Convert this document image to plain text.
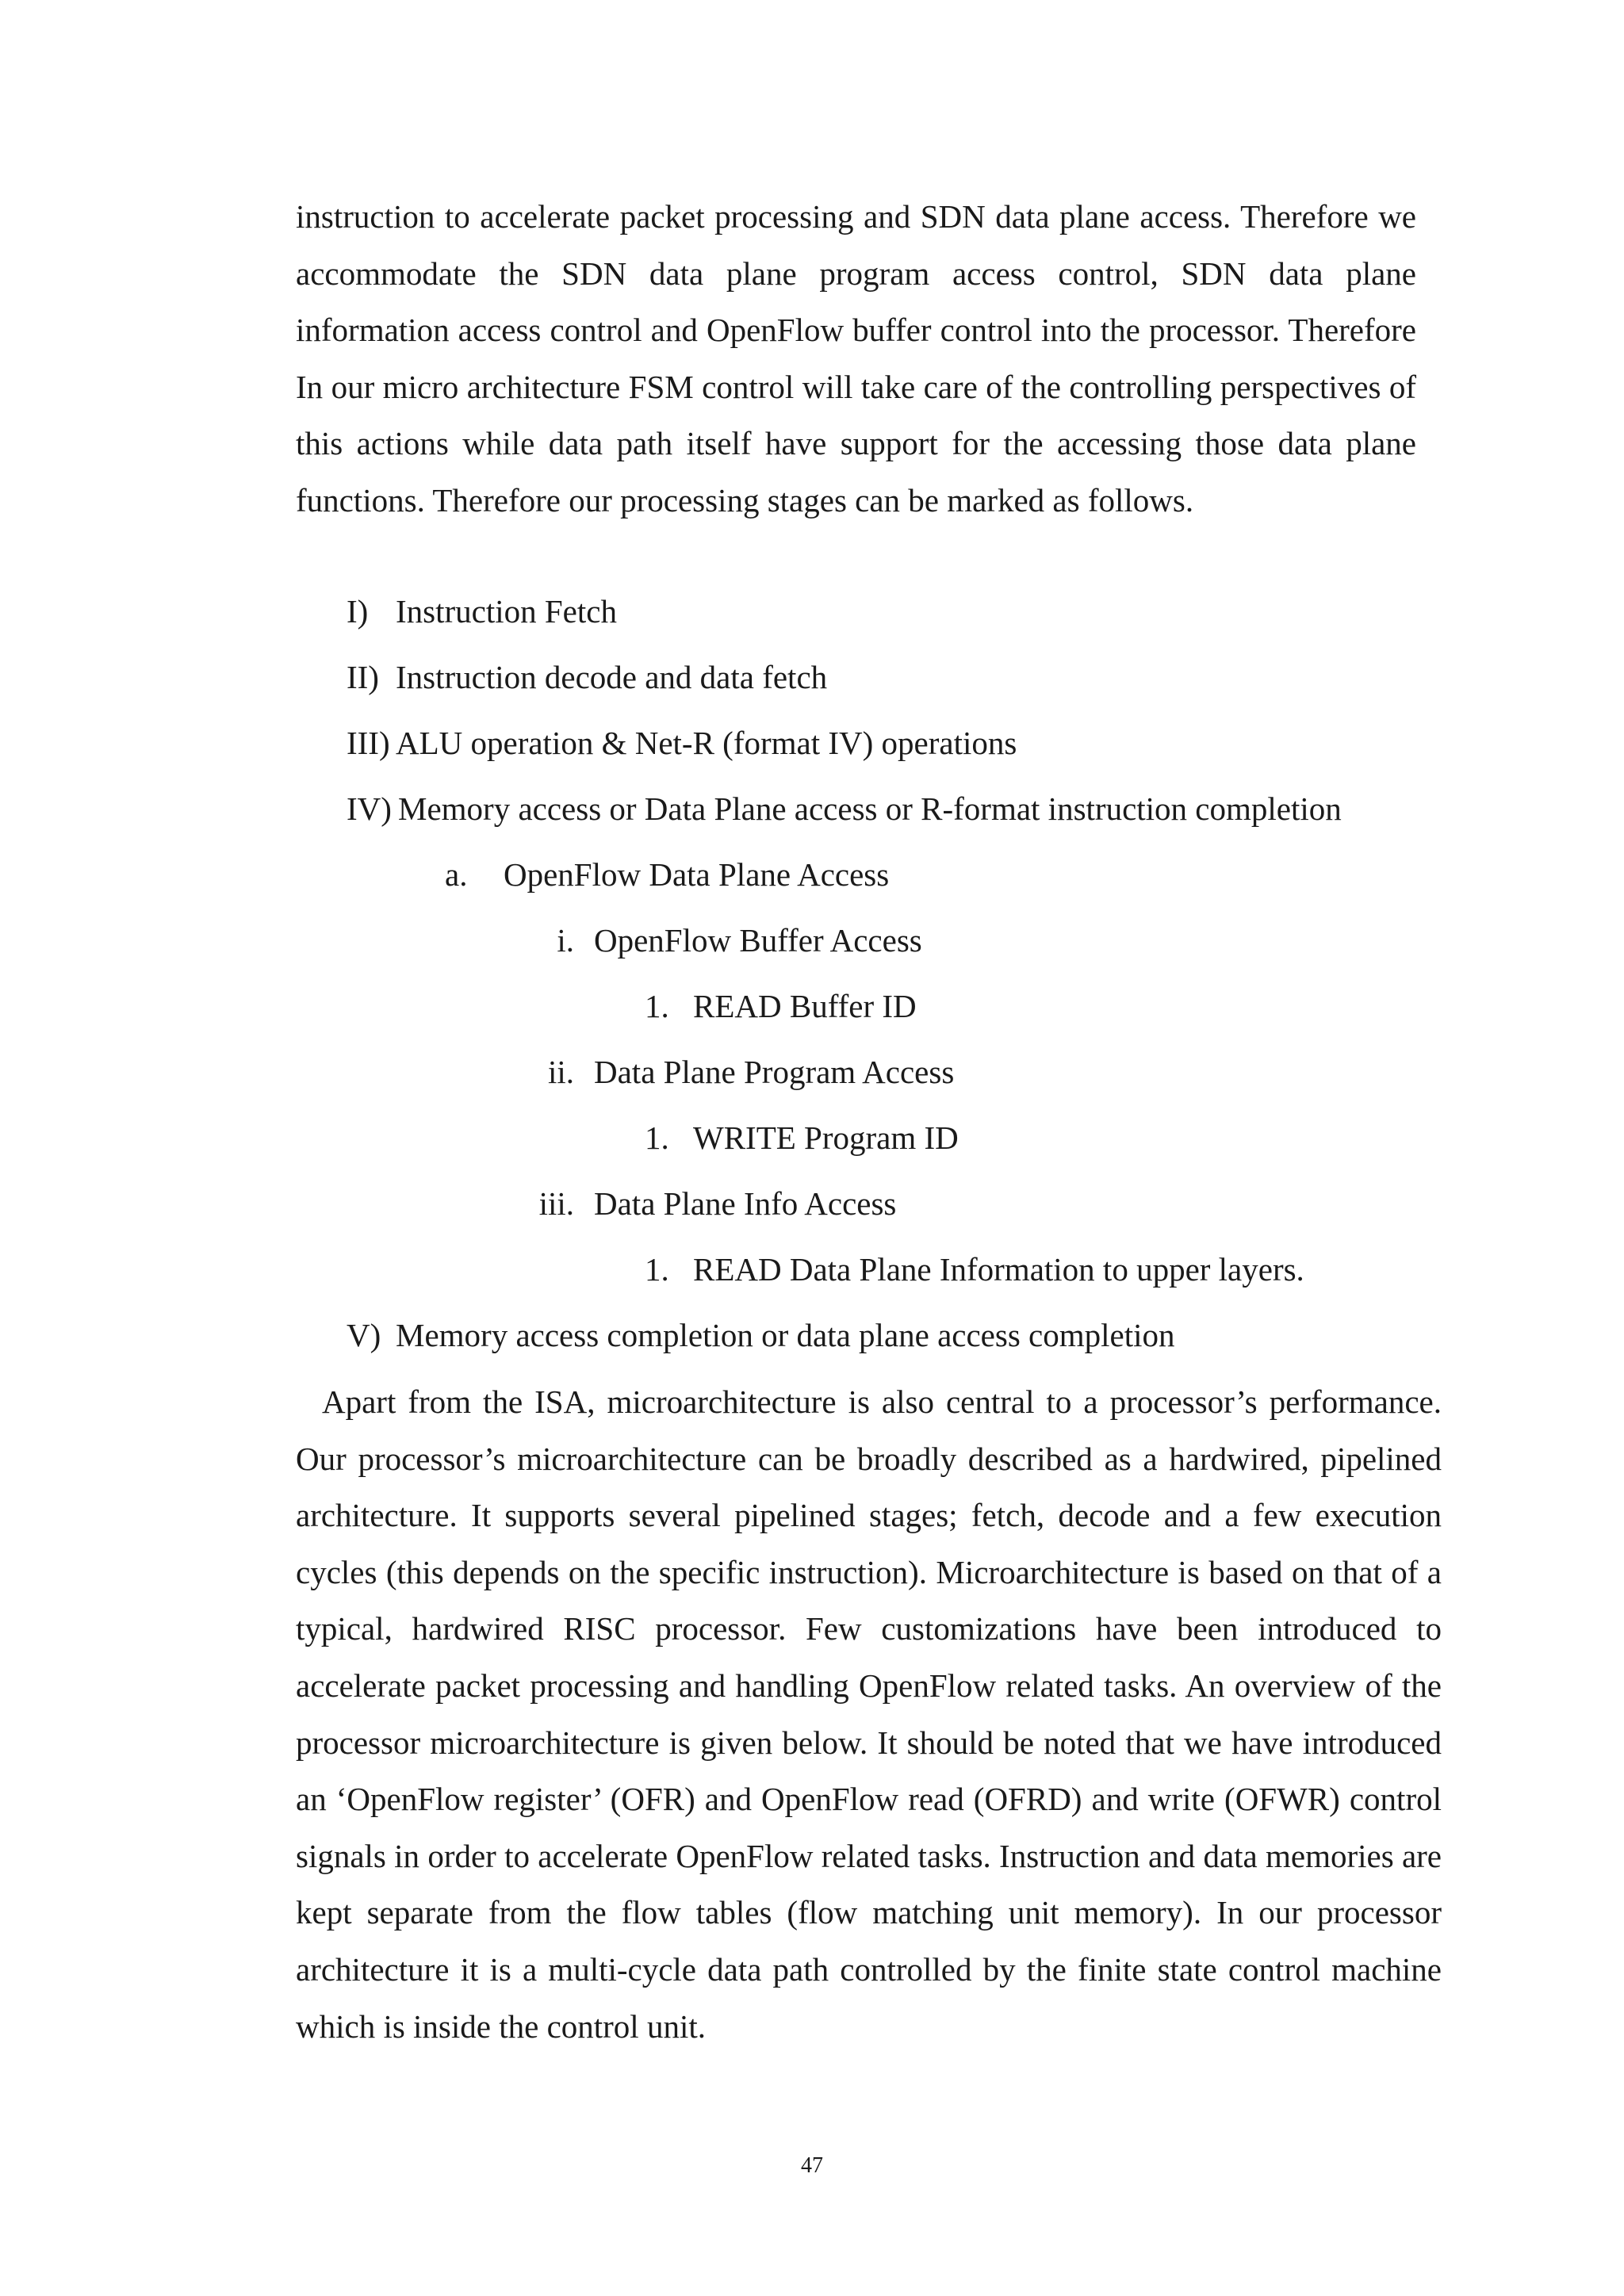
instruction to accelerate packet processing and SDN data plane access. Therefore we accommodate the SDN data plane program access control, SDN data plane information access control and OpenFlow buffer control into the processor. Therefore In our micro architecture FSM control will take care of the controlling perspectives of this actions while data path itself have support for the accessing those data plane functions. Therefore our processing stages can be marked as follows.

I) Instruction Fetch
II) Instruction decode and data fetch
III) ALU operation & Net-R (format IV) operations
IV) Memory access or Data Plane access or R-format instruction completion
a. OpenFlow Data Plane Access
i. OpenFlow Buffer Access
1. READ Buffer ID
ii. Data Plane Program Access
1. WRITE Program ID
iii. Data Plane Info Access
1. READ Data Plane Information to upper layers.
V) Memory access completion or data plane access completion

Apart from the ISA, microarchitecture is also central to a processor’s performance. Our processor’s microarchitecture can be broadly described as a hardwired, pipelined architecture. It supports several pipelined stages; fetch, decode and a few execution cycles (this depends on the specific instruction). Microarchitecture is based on that of a typical, hardwired RISC processor. Few customizations have been introduced to accelerate packet processing and handling OpenFlow related tasks. An overview of the processor microarchitecture is given below. It should be noted that we have introduced an ‘OpenFlow register’ (OFR) and OpenFlow read (OFRD) and write (OFWR) control signals in order to accelerate OpenFlow related tasks. Instruction and data memories are kept separate from the flow tables (flow matching unit memory). In our processor architecture it is a multi-cycle data path controlled by the finite state control machine which is inside the control unit.

47
